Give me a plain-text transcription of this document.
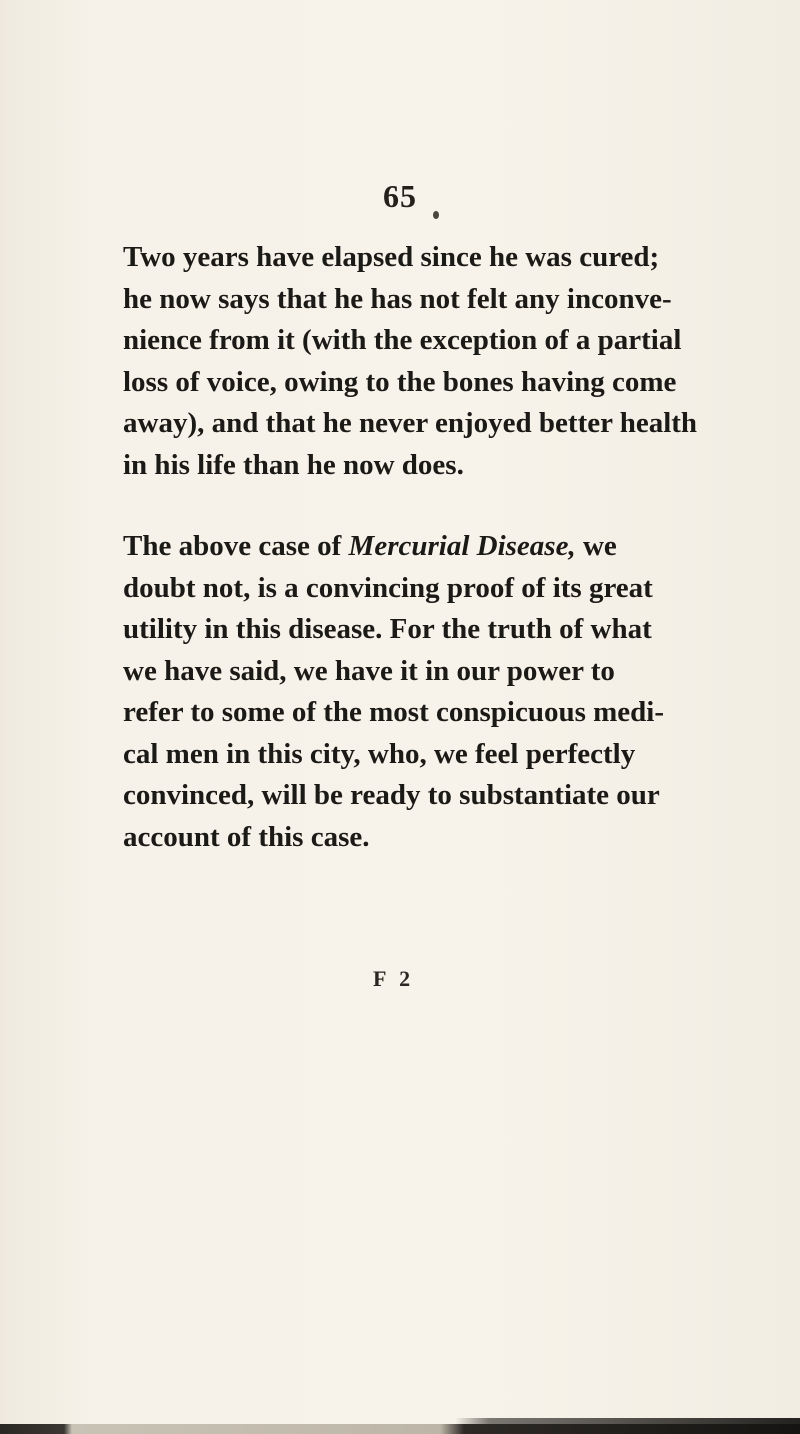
65

Two years have elapsed since he was cured;
he now says that he has not felt any inconve-
nience from it (with the exception of a partial
loss of voice, owing to the bones having come
away), and that he never enjoyed better health
in his life than he now does.

The above case of Mercurial Disease, we
doubt not, is a convincing proof of its great
utility in this disease. For the truth of what
we have said, we have it in our power to
refer to some of the most conspicuous medi-
cal men in this city, who, we feel perfectly
convinced, will be ready to substantiate our
account of this case.

F 2
